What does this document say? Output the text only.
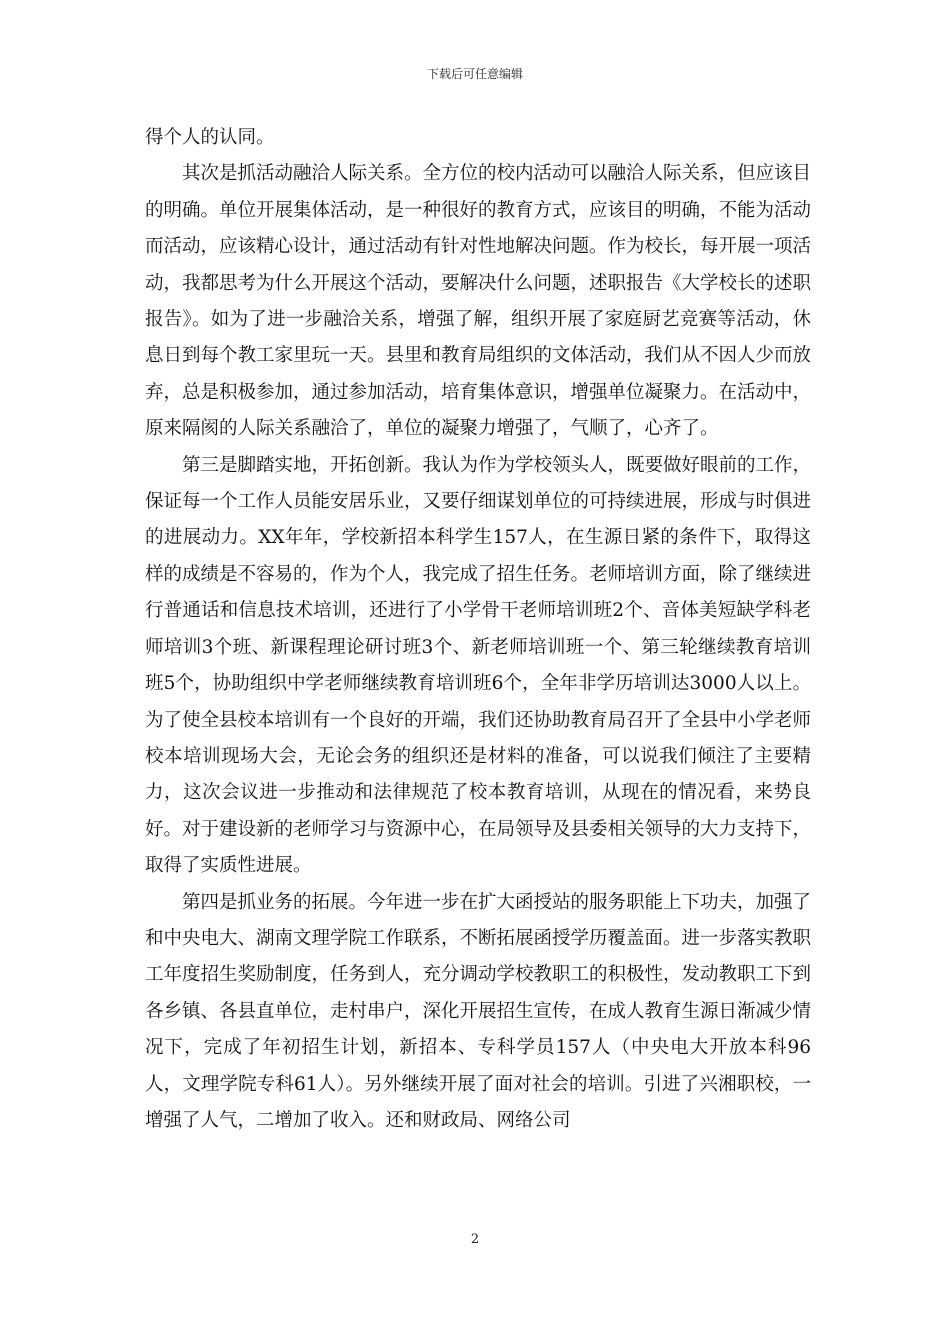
下载后可任意编辑

得个人的认同。

其次是抓活动融洽人际关系。全方位的校内活动可以融洽人际关系，但应该目的明确。单位开展集体活动，是一种很好的教育方式，应该目的明确，不能为活动而活动，应该精心设计，通过活动有针对性地解决问题。作为校长，每开展一项活动，我都思考为什么开展这个活动，要解决什么问题，述职报告《大学校长的述职报告》。如为了进一步融洽关系，增强了解，组织开展了家庭厨艺竞赛等活动，休息日到每个教工家里玩一天。县里和教育局组织的文体活动，我们从不因人少而放弃，总是积极参加，通过参加活动，培育集体意识，增强单位凝聚力。在活动中，原来隔阂的人际关系融洽了，单位的凝聚力增强了，气顺了，心齐了。

第三是脚踏实地，开拓创新。我认为作为学校领头人，既要做好眼前的工作，保证每一个工作人员能安居乐业，又要仔细谋划单位的可持续进展，形成与时俱进的进展动力。XX年年，学校新招本科学生157人，在生源日紧的条件下，取得这样的成绩是不容易的，作为个人，我完成了招生任务。老师培训方面，除了继续进行普通话和信息技术培训，还进行了小学骨干老师培训班2个、音体美短缺学科老师培训3个班、新课程理论研讨班3个、新老师培训班一个、第三轮继续教育培训班5个，协助组织中学老师继续教育培训班6个，全年非学历培训达3000人以上。为了使全县校本培训有一个良好的开端，我们还协助教育局召开了全县中小学老师校本培训现场大会，无论会务的组织还是材料的准备，可以说我们倾注了主要精力，这次会议进一步推动和法律规范了校本教育培训，从现在的情况看，来势良好。对于建设新的老师学习与资源中心，在局领导及县委相关领导的大力支持下，取得了实质性进展。

第四是抓业务的拓展。今年进一步在扩大函授站的服务职能上下功夫，加强了和中央电大、湖南文理学院工作联系，不断拓展函授学历覆盖面。进一步落实教职工年度招生奖励制度，任务到人，充分调动学校教职工的积极性，发动教职工下到各乡镇、各县直单位，走村串户，深化开展招生宣传，在成人教育生源日渐减少情况下，完成了年初招生计划，新招本、专科学员157人（中央电大开放本科96人，文理学院专科61人）。另外继续开展了面对社会的培训。引进了兴湘职校，一增强了人气，二增加了收入。还和财政局、网络公司

2
